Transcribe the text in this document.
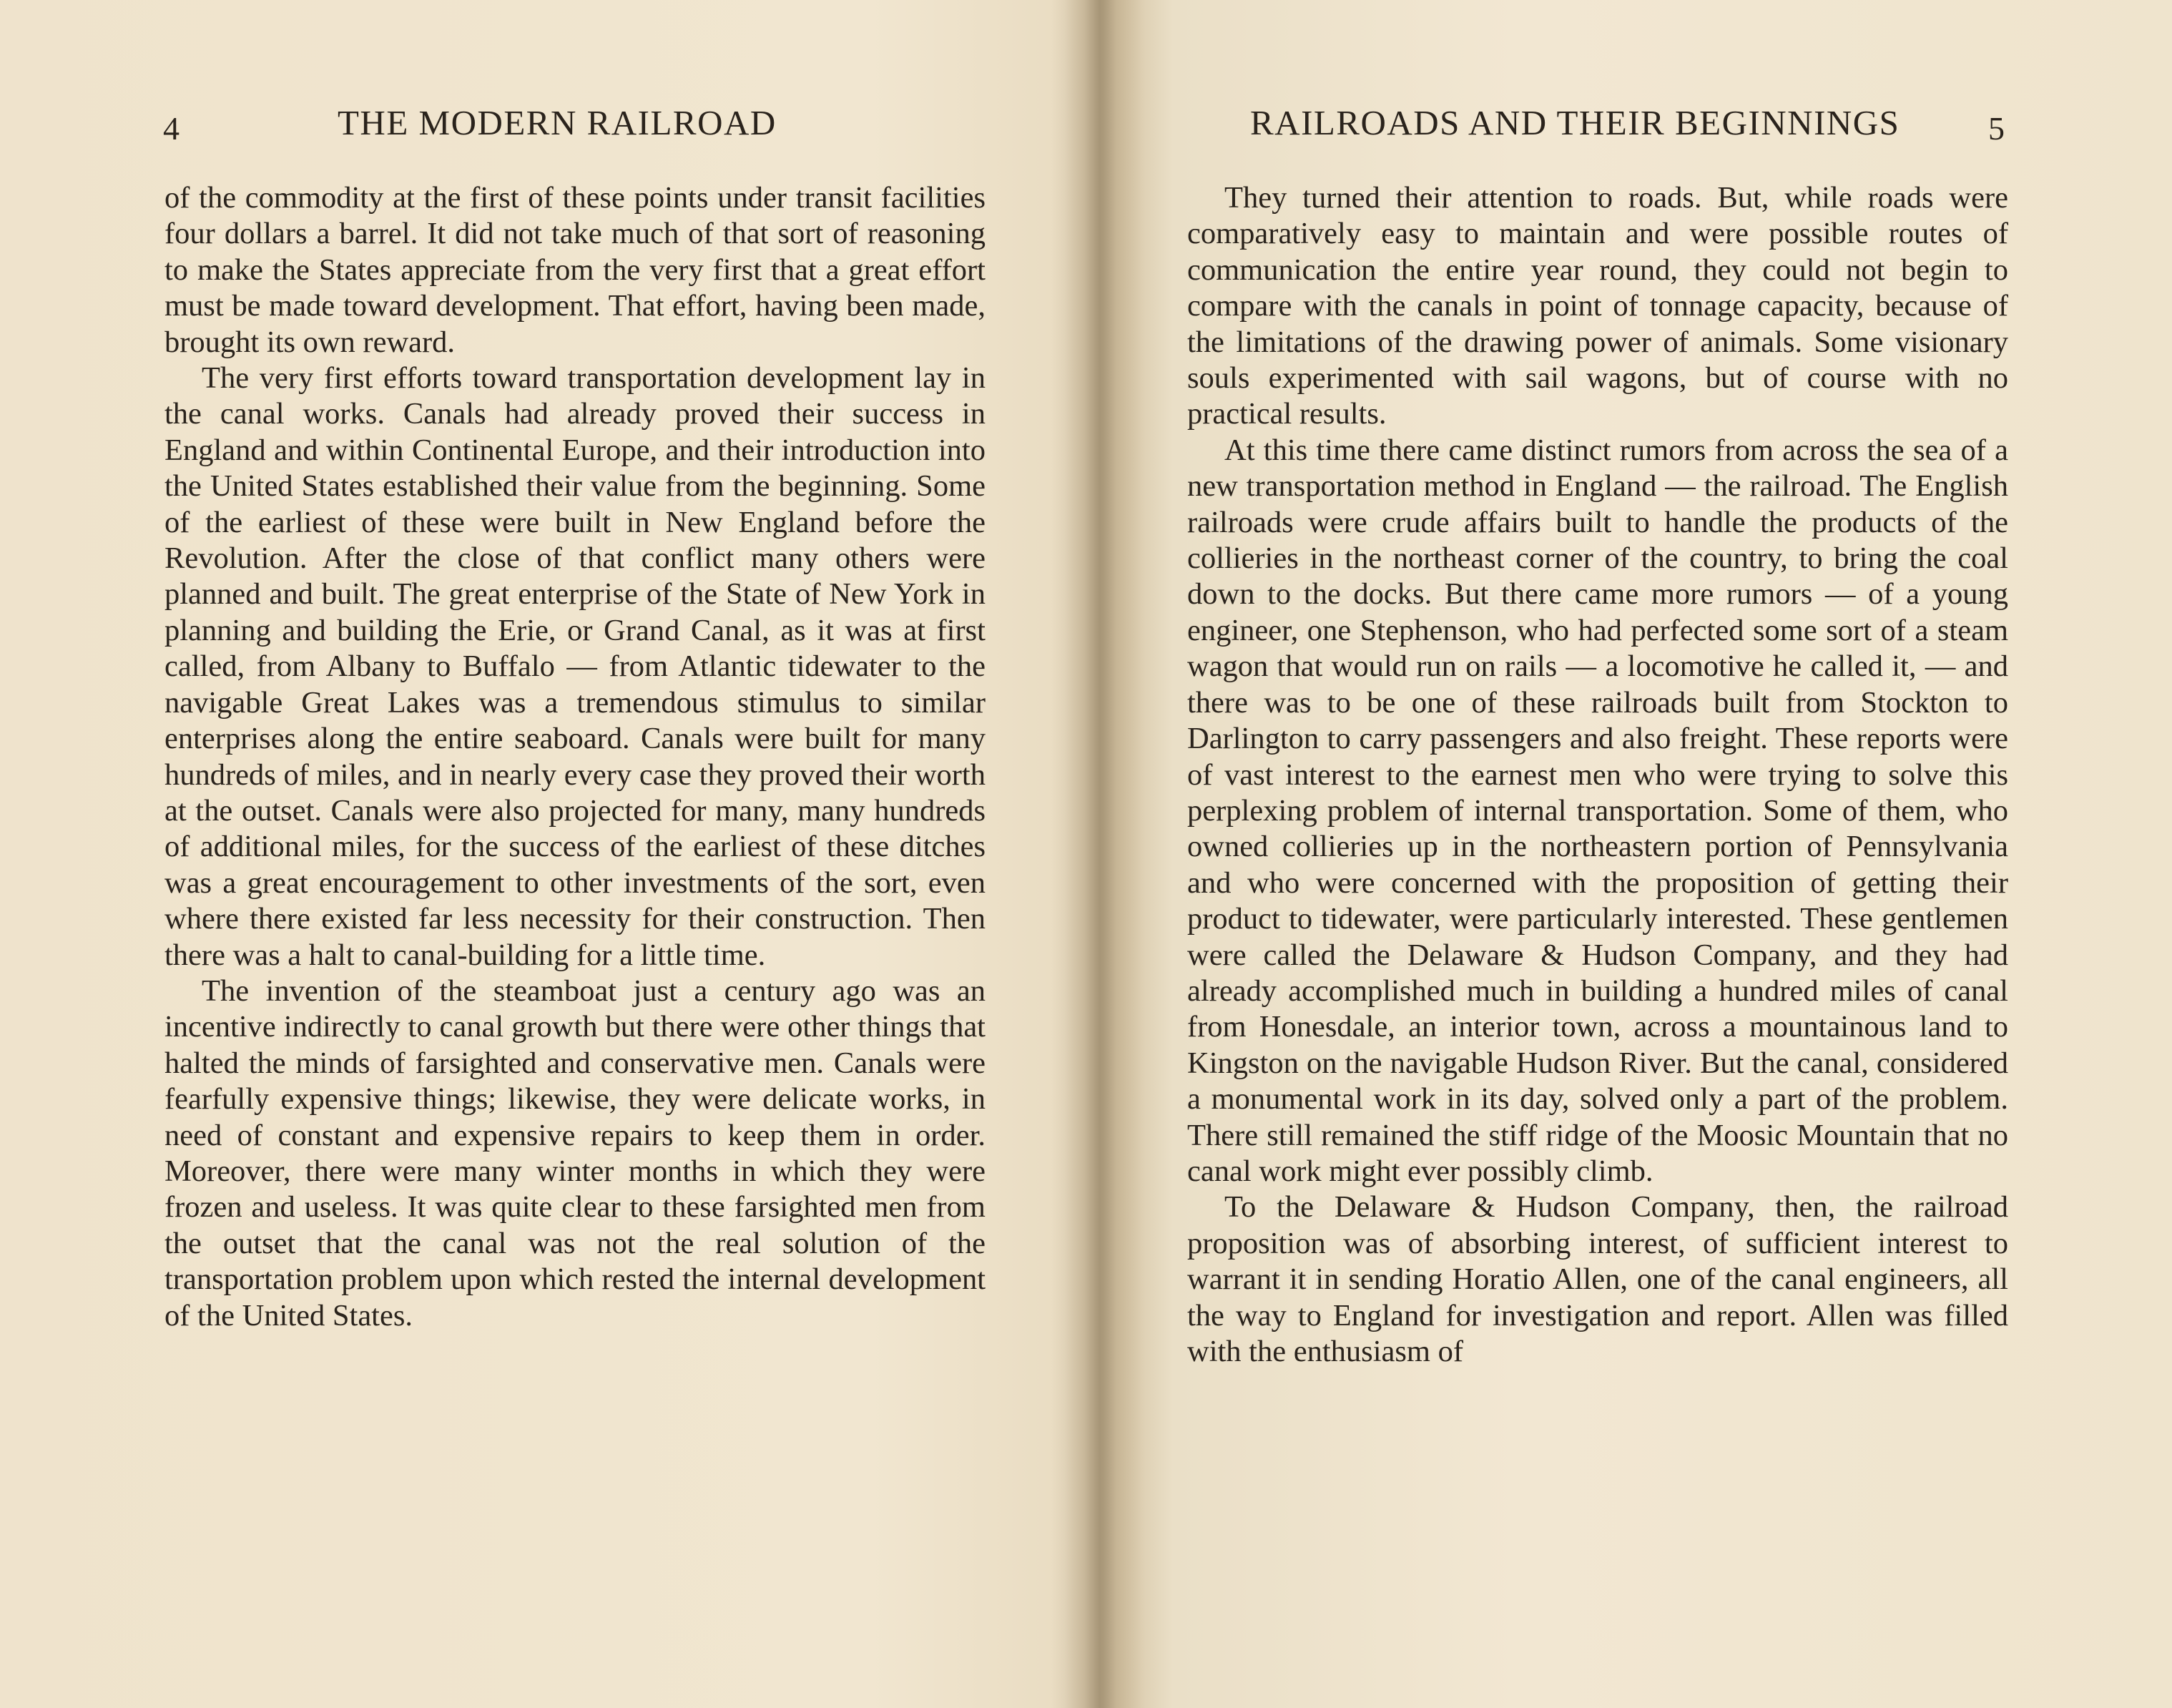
4	THE MODERN RAILROAD

of the commodity at the first of these points under transit facilities four dollars a barrel. It did not take much of that sort of reasoning to make the States appreciate from the very first that a great effort must be made toward development. That effort, having been made, brought its own reward.

The very first efforts toward transportation development lay in the canal works. Canals had already proved their success in England and within Continental Europe, and their introduction into the United States established their value from the beginning. Some of the earliest of these were built in New England before the Revolution. After the close of that conflict many others were planned and built. The great enterprise of the State of New York in planning and building the Erie, or Grand Canal, as it was at first called, from Albany to Buffalo — from Atlantic tidewater to the navigable Great Lakes was a tremendous stimulus to similar enterprises along the entire seaboard. Canals were built for many hundreds of miles, and in nearly every case they proved their worth at the outset. Canals were also projected for many, many hundreds of additional miles, for the success of the earliest of these ditches was a great encouragement to other investments of the sort, even where there existed far less necessity for their construction. Then there was a halt to canal-building for a little time.

The invention of the steamboat just a century ago was an incentive indirectly to canal growth but there were other things that halted the minds of farsighted and conservative men. Canals were fearfully expensive things; likewise, they were delicate works, in need of constant and expensive repairs to keep them in order. Moreover, there were many winter months in which they were frozen and useless. It was quite clear to these farsighted men from the outset that the canal was not the real solution of the transportation problem upon which rested the internal development of the United States.

RAILROADS AND THEIR BEGINNINGS	5

They turned their attention to roads. But, while roads were comparatively easy to maintain and were possible routes of communication the entire year round, they could not begin to compare with the canals in point of tonnage capacity, because of the limitations of the drawing power of animals. Some visionary souls experimented with sail wagons, but of course with no practical results.

At this time there came distinct rumors from across the sea of a new transportation method in England — the railroad. The English railroads were crude affairs built to handle the products of the collieries in the northeast corner of the country, to bring the coal down to the docks. But there came more rumors — of a young engineer, one Stephenson, who had perfected some sort of a steam wagon that would run on rails — a locomotive he called it, — and there was to be one of these railroads built from Stockton to Darlington to carry passengers and also freight. These reports were of vast interest to the earnest men who were trying to solve this perplexing problem of internal transportation. Some of them, who owned collieries up in the northeastern portion of Pennsylvania and who were concerned with the proposition of getting their product to tidewater, were particularly interested. These gentlemen were called the Delaware & Hudson Company, and they had already accomplished much in building a hundred miles of canal from Honesdale, an interior town, across a mountainous land to Kingston on the navigable Hudson River. But the canal, considered a monumental work in its day, solved only a part of the problem. There still remained the stiff ridge of the Moosic Mountain that no canal work might ever possibly climb.

To the Delaware & Hudson Company, then, the railroad proposition was of absorbing interest, of sufficient interest to warrant it in sending Horatio Allen, one of the canal engineers, all the way to England for investigation and report. Allen was filled with the enthusiasm of
